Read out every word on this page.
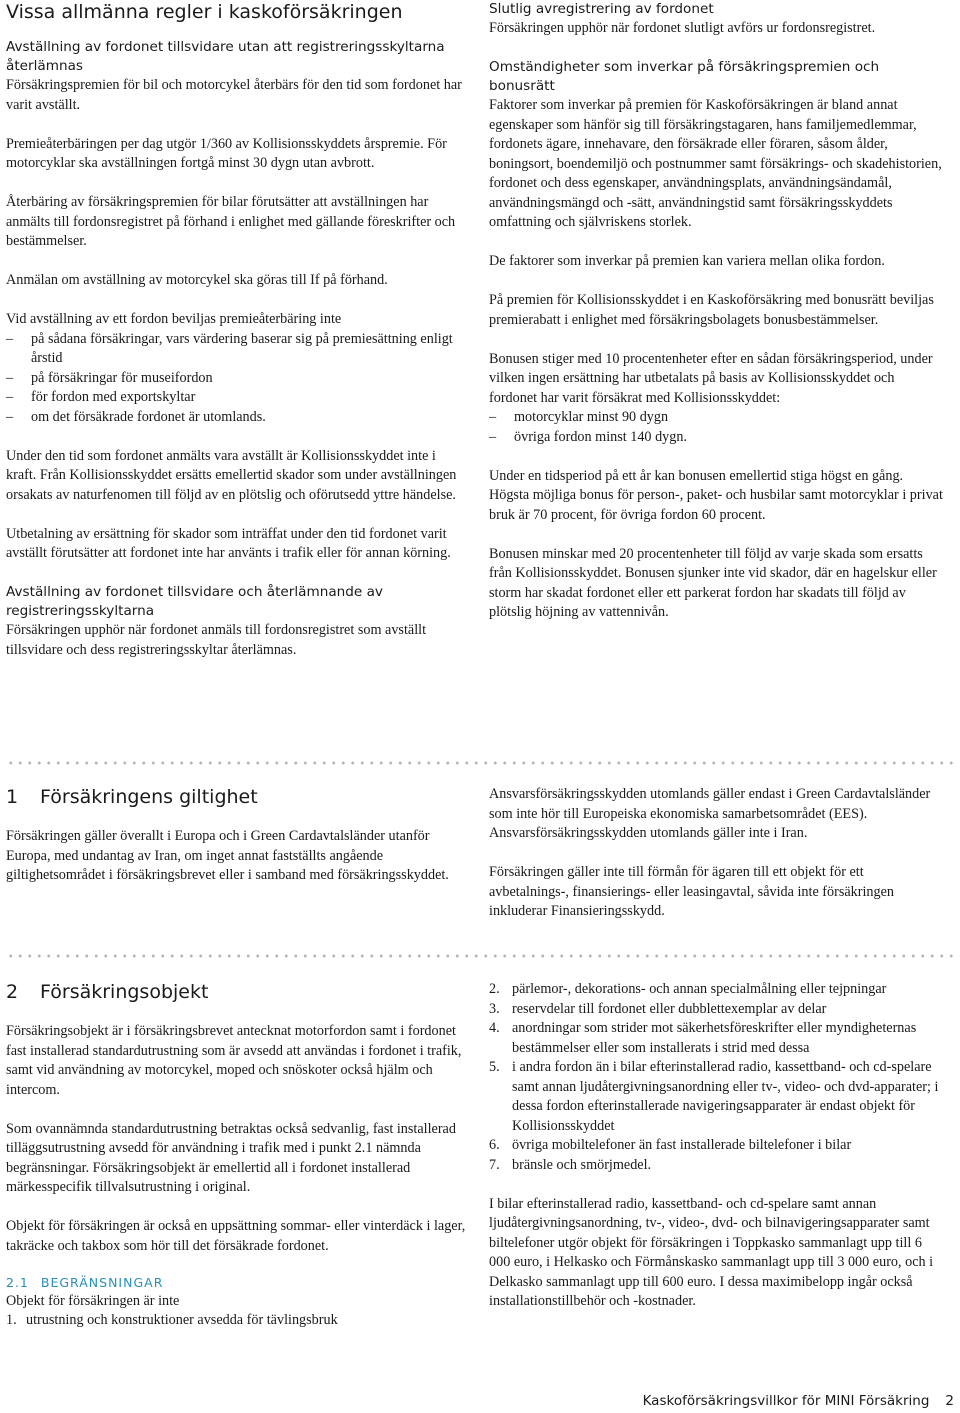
Vissa allmänna regler i kaskoförsäkringen
Avställning av fordonet tillsvidare utan att registreringsskyltarna återlämnas

Försäkringspremien för bil och motorcykel återbärs för den tid som fordonet har varit avställt.

Premieåterbäringen per dag utgör 1/360 av Kollisionsskyddets årspremie. För motorcyklar ska avställningen fortgå minst 30 dygn utan avbrott.

Återbäring av försäkringspremien för bilar förutsätter att avställningen har anmälts till fordonsregistret på förhand i enlighet med gällande föreskrifter och bestämmelser.

Anmälan om avställning av motorcykel ska göras till If på förhand.

Vid avställning av ett fordon beviljas premieåterbäring inte

– på sådana försäkringar, vars värdering baserar sig på premiesättning enligt årstid
– på försäkringar för museifordon
– för fordon med exportskyltar
– om det försäkrade fordonet är utomlands.

Under den tid som fordonet anmälts vara avställt är Kollisionsskyddet inte i kraft. Från Kollisionsskyddet ersätts emellertid skador som under avställningen orsakats av naturfenomen till följd av en plötslig och oförutsedd yttre händelse.

Utbetalning av ersättning för skador som inträffat under den tid fordonet varit avställt förutsätter att fordonet inte har använts i trafik eller för annan körning.

Avställning av fordonet tillsvidare och återlämnande av registreringsskyltarna

Försäkringen upphör när fordonet anmäls till fordonsregistret som avställt tillsvidare och dess registreringsskyltar återlämnas.

Slutlig avregistrering av fordonet

Försäkringen upphör när fordonet slutligt avförs ur fordonsregistret.

Omständigheter som inverkar på försäkringspremien och bonusrätt

Faktorer som inverkar på premien för Kaskoförsäkringen är bland annat egenskaper som hänför sig till försäkringstagaren, hans familjemedlemmar, fordonets ägare, innehavare, den försäkrade eller föraren, såsom ålder, boningsort, boendemiljö och postnummer samt försäkrings- och skadehistorien, fordonet och dess egenskaper, användningsplats, användningsändamål, användningsmängd och -sätt, användningstid samt försäkringsskyddets omfattning och självriskens storlek.

De faktorer som inverkar på premien kan variera mellan olika fordon.

På premien för Kollisionsskyddet i en Kaskoförsäkring med bonusrätt beviljas premierabatt i enlighet med försäkringsbolagets bonusbestämmelser.

Bonusen stiger med 10 procentenheter efter en sådan försäkringsperiod, under vilken ingen ersättning har utbetalats på basis av Kollisionsskyddet och fordonet har varit försäkrat med Kollisionsskyddet:

– motorcyklar minst 90 dygn
– övriga fordon minst 140 dygn.

Under en tidsperiod på ett år kan bonusen emellertid stiga högst en gång. Högsta möjliga bonus för person-, paket- och husbilar samt motorcyklar i privat bruk är 70 procent, för övriga fordon 60 procent.

Bonusen minskar med 20 procentenheter till följd av varje skada som ersatts från Kollisionsskyddet. Bonusen sjunker inte vid skador, där en hagelskur eller storm har skadat fordonet eller ett parkerat fordon har skadats till följd av plötslig höjning av vattennivån.

1 Försäkringens giltighet

Försäkringen gäller överallt i Europa och i Green Cardavtalsländer utanför Europa, med undantag av Iran, om inget annat fastställts angående giltighetsområdet i försäkringsbrevet eller i samband med försäkringsskyddet.

Ansvarsförsäkringsskydden utomlands gäller endast i Green Cardavtalsländer som inte hör till Europeiska ekonomiska samarbetsområdet (EES). Ansvarsförsäkringsskydden utomlands gäller inte i Iran.

Försäkringen gäller inte till förmån för ägaren till ett objekt för ett avbetalnings-, finansierings- eller leasingavtal, såvida inte försäkringen inkluderar Finansieringsskydd.

2 Försäkringsobjekt

Försäkringsobjekt är i försäkringsbrevet antecknat motorfordon samt i fordonet fast installerad standardutrustning som är avsedd att användas i fordonet i trafik, samt vid användning av motorcykel, moped och snöskoter också hjälm och intercom.

Som ovannämnda standardutrustning betraktas också sedvanlig, fast installerad tilläggsutrustning avsedd för användning i trafik med i punkt 2.1 nämnda begränsningar. Försäkringsobjekt är emellertid all i fordonet installerad märkesspecifik tillvalsutrustning i original.

Objekt för försäkringen är också en uppsättning sommar- eller vinterdäck i lager, takräcke och takbox som hör till det försäkrade fordonet.

2.1 BEGRÄNSNINGAR

Objekt för försäkringen är inte

1. utrustning och konstruktioner avsedda för tävlingsbruk
2. pärlemor-, dekorations- och annan specialmålning eller tejpningar
3. reservdelar till fordonet eller dubblettexemplar av delar
4. anordningar som strider mot säkerhetsföreskrifter eller myndigheternas bestämmelser eller som installerats i strid med dessa
5. i andra fordon än i bilar efterinstallerad radio, kassettband- och cd-spelare samt annan ljudåtergivningsanordning eller tv-, video- och dvd-apparater; i dessa fordon efterinstallerade navigeringsapparater är endast objekt för Kollisionsskyddet
6. övriga mobiltelefoner än fast installerade biltelefoner i bilar
7. bränsle och smörjmedel.

I bilar efterinstallerad radio, kassettband- och cd-spelare samt annan ljudåtergivningsanordning, tv-, video-, dvd- och bilnavigeringsapparater samt biltelefoner utgör objekt för försäkringen i Toppkasko sammanlagt upp till 6 000 euro, i Helkasko och Förmånskasko sammanlagt upp till 3 000 euro, och i Delkasko sammanlagt upp till 600 euro. I dessa maximibelopp ingår också installationstillbehör och -kostnader.

Kaskoförsäkringsvillkor för MINI Försäkring 2
